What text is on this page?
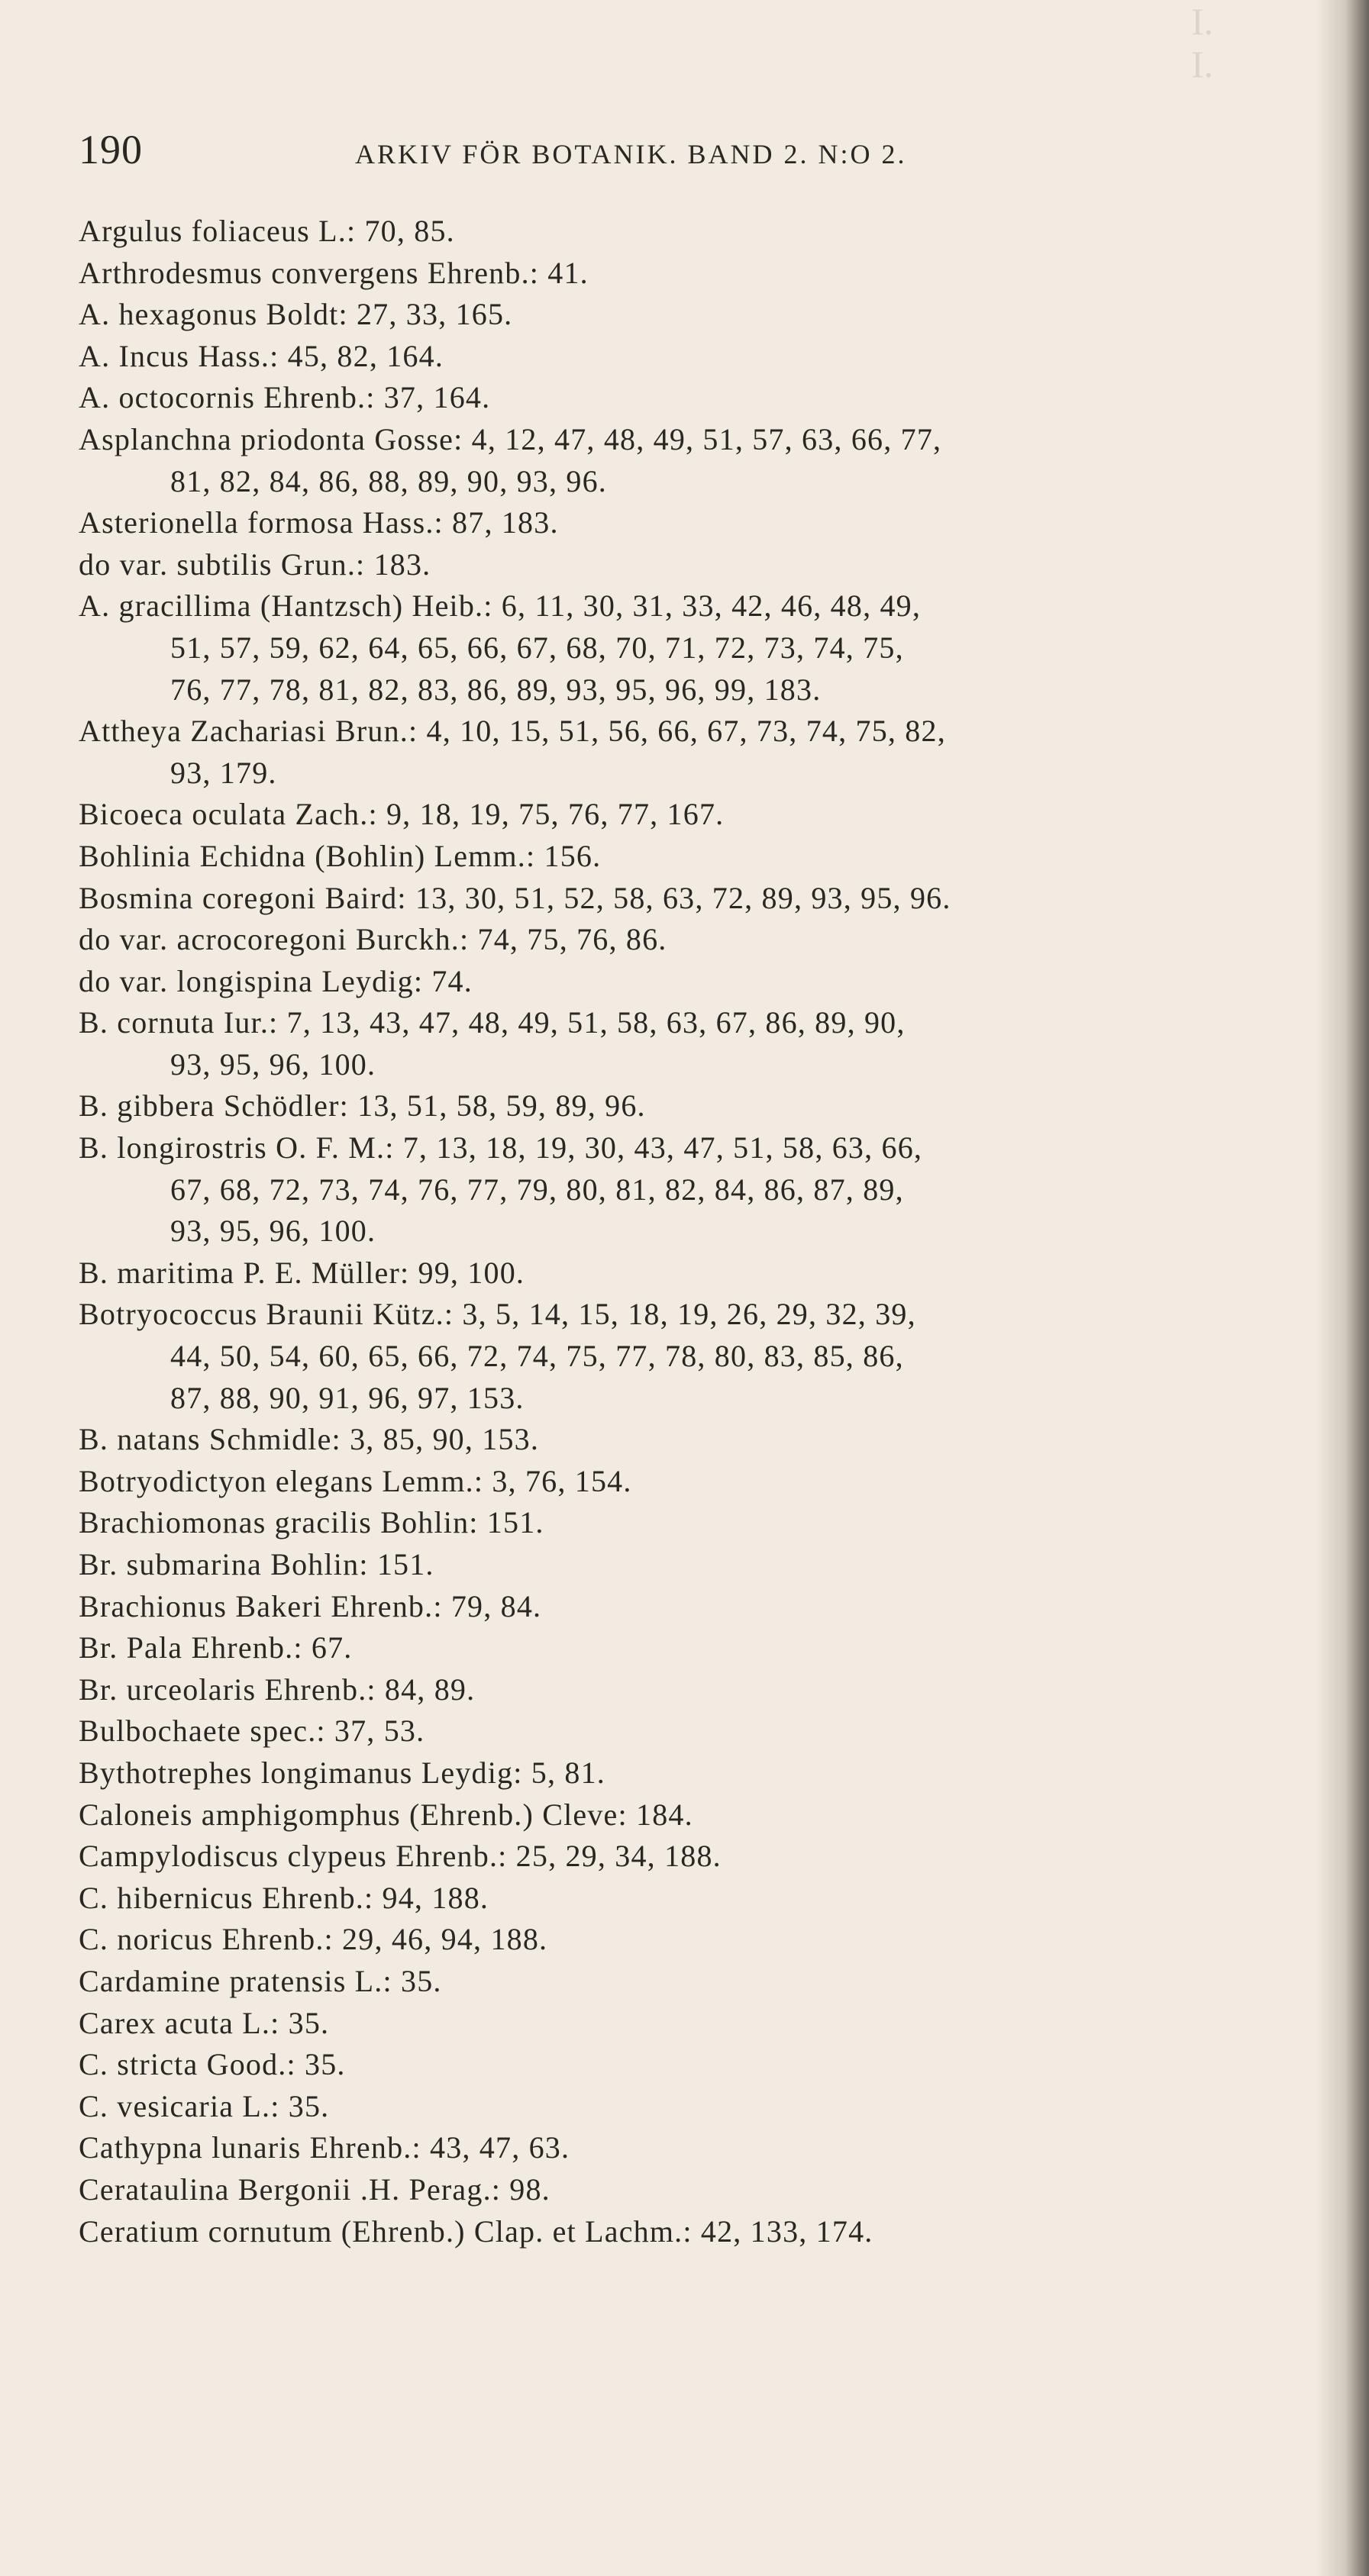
I.
I.
190	ARKIV FÖR BOTANIK. BAND 2. N:O 2.
Argulus foliaceus L.: 70, 85.
Arthrodesmus convergens Ehrenb.: 41.
A. hexagonus Boldt: 27, 33, 165.
A. Incus Hass.: 45, 82, 164.
A. octocornis Ehrenb.: 37, 164.
Asplanchna priodonta Gosse: 4, 12, 47, 48, 49, 51, 57, 63, 66, 77,
81, 82, 84, 86, 88, 89, 90, 93, 96.
Asterionella formosa Hass.: 87, 183.
do var. subtilis Grun.: 183.
A. gracillima (Hantzsch) Heib.: 6, 11, 30, 31, 33, 42, 46, 48, 49,
51, 57, 59, 62, 64, 65, 66, 67, 68, 70, 71, 72, 73, 74, 75,
76, 77, 78, 81, 82, 83, 86, 89, 93, 95, 96, 99, 183.
Attheya Zachariasi Brun.: 4, 10, 15, 51, 56, 66, 67, 73, 74, 75, 82,
93, 179.
Bicoeca oculata Zach.: 9, 18, 19, 75, 76, 77, 167.
Bohlinia Echidna (Bohlin) Lemm.: 156.
Bosmina coregoni Baird: 13, 30, 51, 52, 58, 63, 72, 89, 93, 95, 96.
do var. acrocoregoni Burckh.: 74, 75, 76, 86.
do var. longispina Leydig: 74.
B. cornuta Iur.: 7, 13, 43, 47, 48, 49, 51, 58, 63, 67, 86, 89, 90,
93, 95, 96, 100.
B. gibbera Schödler: 13, 51, 58, 59, 89, 96.
B. longirostris O. F. M.: 7, 13, 18, 19, 30, 43, 47, 51, 58, 63, 66,
67, 68, 72, 73, 74, 76, 77, 79, 80, 81, 82, 84, 86, 87, 89,
93, 95, 96, 100.
B. maritima P. E. Müller: 99, 100.
Botryococcus Braunii Kütz.: 3, 5, 14, 15, 18, 19, 26, 29, 32, 39,
44, 50, 54, 60, 65, 66, 72, 74, 75, 77, 78, 80, 83, 85, 86,
87, 88, 90, 91, 96, 97, 153.
B. natans Schmidle: 3, 85, 90, 153.
Botryodictyon elegans Lemm.: 3, 76, 154.
Brachiomonas gracilis Bohlin: 151.
Br. submarina Bohlin: 151.
Brachionus Bakeri Ehrenb.: 79, 84.
Br. Pala Ehrenb.: 67.
Br. urceolaris Ehrenb.: 84, 89.
Bulbochaete spec.: 37, 53.
Bythotrephes longimanus Leydig: 5, 81.
Caloneis amphigomphus (Ehrenb.) Cleve: 184.
Campylodiscus clypeus Ehrenb.: 25, 29, 34, 188.
C. hibernicus Ehrenb.: 94, 188.
C. noricus Ehrenb.: 29, 46, 94, 188.
Cardamine pratensis L.: 35.
Carex acuta L.: 35.
C. stricta Good.: 35.
C. vesicaria L.: 35.
Cathypna lunaris Ehrenb.: 43, 47, 63.
Cerataulina Bergonii .H. Perag.: 98.
Ceratium cornutum (Ehrenb.) Clap. et Lachm.: 42, 133, 174.
